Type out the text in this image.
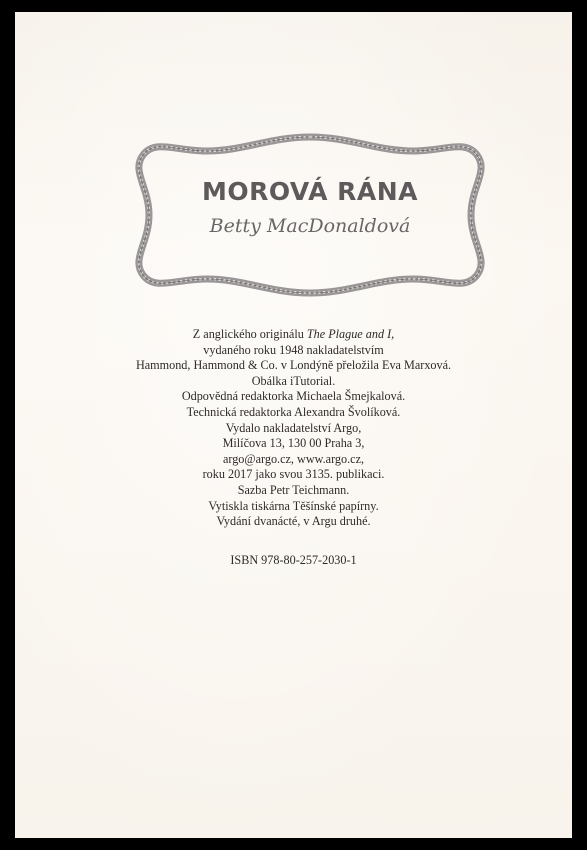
MOROVÁ RÁNA
Betty MacDonaldová
Z anglického originálu The Plague and I,
vydaného roku 1948 nakladatelstvím
Hammond, Hammond & Co. v Londýně přeložila Eva Marxová.
Obálka iTutorial.
Odpovědná redaktorka Michaela Šmejkalová.
Technická redaktorka Alexandra Švolíková.
Vydalo nakladatelství Argo,
Milíčova 13, 130 00 Praha 3,
argo@argo.cz, www.argo.cz,
roku 2017 jako svou 3135. publikaci.
Sazba Petr Teichmann.
Vytiskla tiskárna Těšínské papírny.
Vydání dvanácté, v Argu druhé.
ISBN 978-80-257-2030-1
